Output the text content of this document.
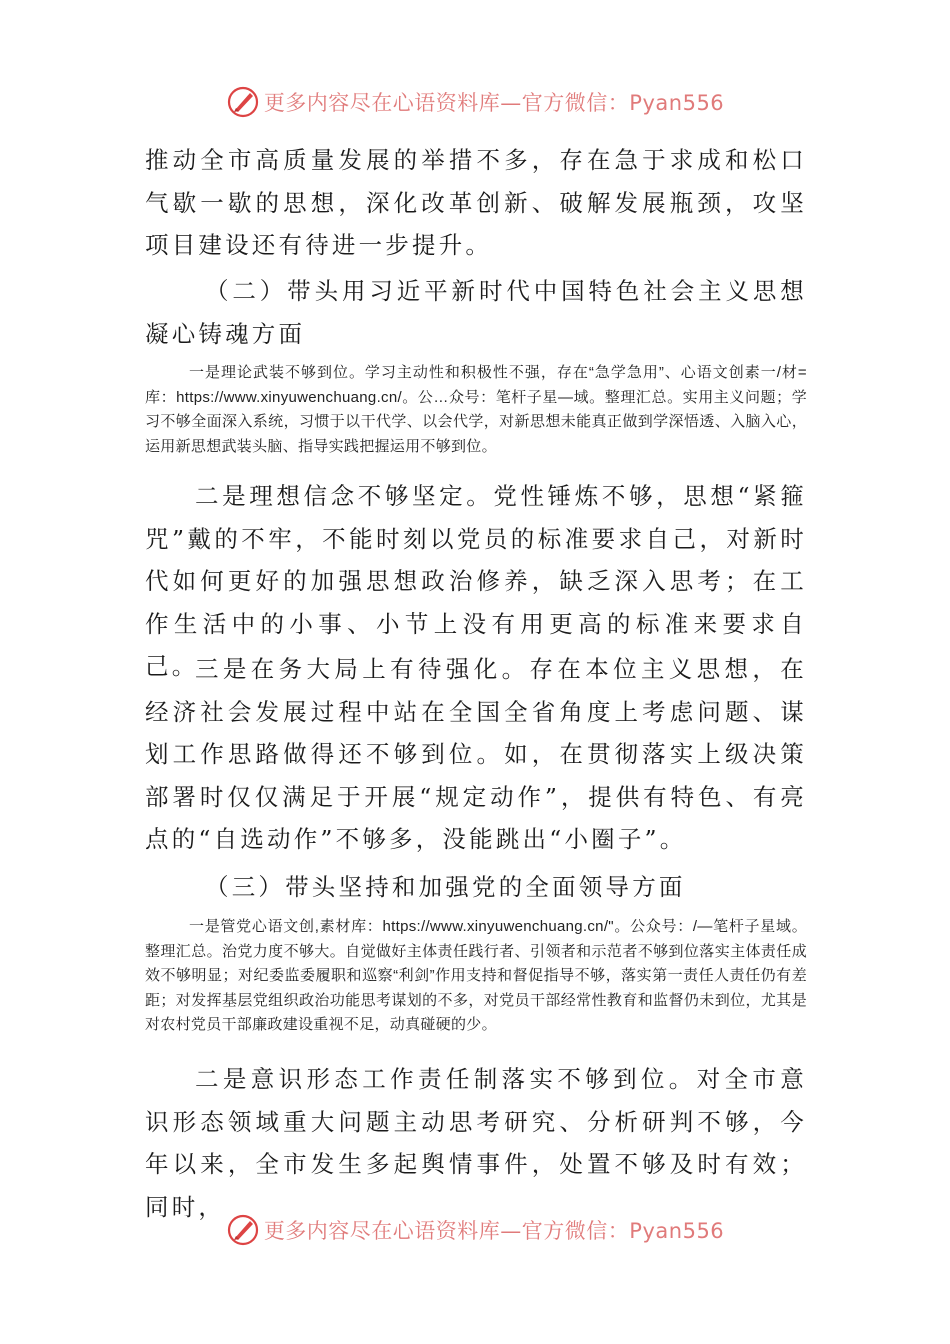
更多内容尽在心语资料库—官方微信：Pyan556

推动全市高质量发展的举措不多，存在急于求成和松口气歇一歇的思想，深化改革创新、破解发展瓶颈，攻坚项目建设还有待进一步提升。

（二）带头用习近平新时代中国特色社会主义思想凝心铸魂方面

一是理论武装不够到位。学习主动性和积极性不强，存在“急学急用”、心语文创素一/材=库：https://www.xinyuwenchuang.cn/。公…众号：笔杆子星—域。整理汇总。实用主义问题；学习不够全面深入系统，习惯于以干代学、以会代学，对新思想未能真正做到学深悟透、入脑入心，运用新思想武装头脑、指导实践把握运用不够到位。

二是理想信念不够坚定。党性锤炼不够，思想“紧箍咒”戴的不牢，不能时刻以党员的标准要求自己，对新时代如何更好的加强思想政治修养，缺乏深入思考；在工作生活中的小事、小节上没有用更高的标准来要求自己。

三是在务大局上有待强化。存在本位主义思想，在经济社会发展过程中站在全国全省角度上考虑问题、谋划工作思路做得还不够到位。如，在贯彻落实上级决策部署时仅仅满足于开展“规定动作”，提供有特色、有亮点的“自选动作”不够多，没能跳出“小圈子”。

（三）带头坚持和加强党的全面领导方面

一是管党心语文创,素材库：https://www.xinyuwenchuang.cn/"。公众号：/—笔杆子星域。整理汇总。治党力度不够大。自觉做好主体责任践行者、引领者和示范者不够到位落实主体责任成效不够明显；对纪委监委履职和巡察“利剑”作用支持和督促指导不够，落实第一责任人责任仍有差距；对发挥基层党组织政治功能思考谋划的不多，对党员干部经常性教育和监督仍未到位，尤其是对农村党员干部廉政建设重视不足，动真碰硬的少。

二是意识形态工作责任制落实不够到位。对全市意识形态领域重大问题主动思考研究、分析研判不够，今年以来，全市发生多起舆情事件，处置不够及时有效；同时，

更多内容尽在心语资料库—官方微信：Pyan556
